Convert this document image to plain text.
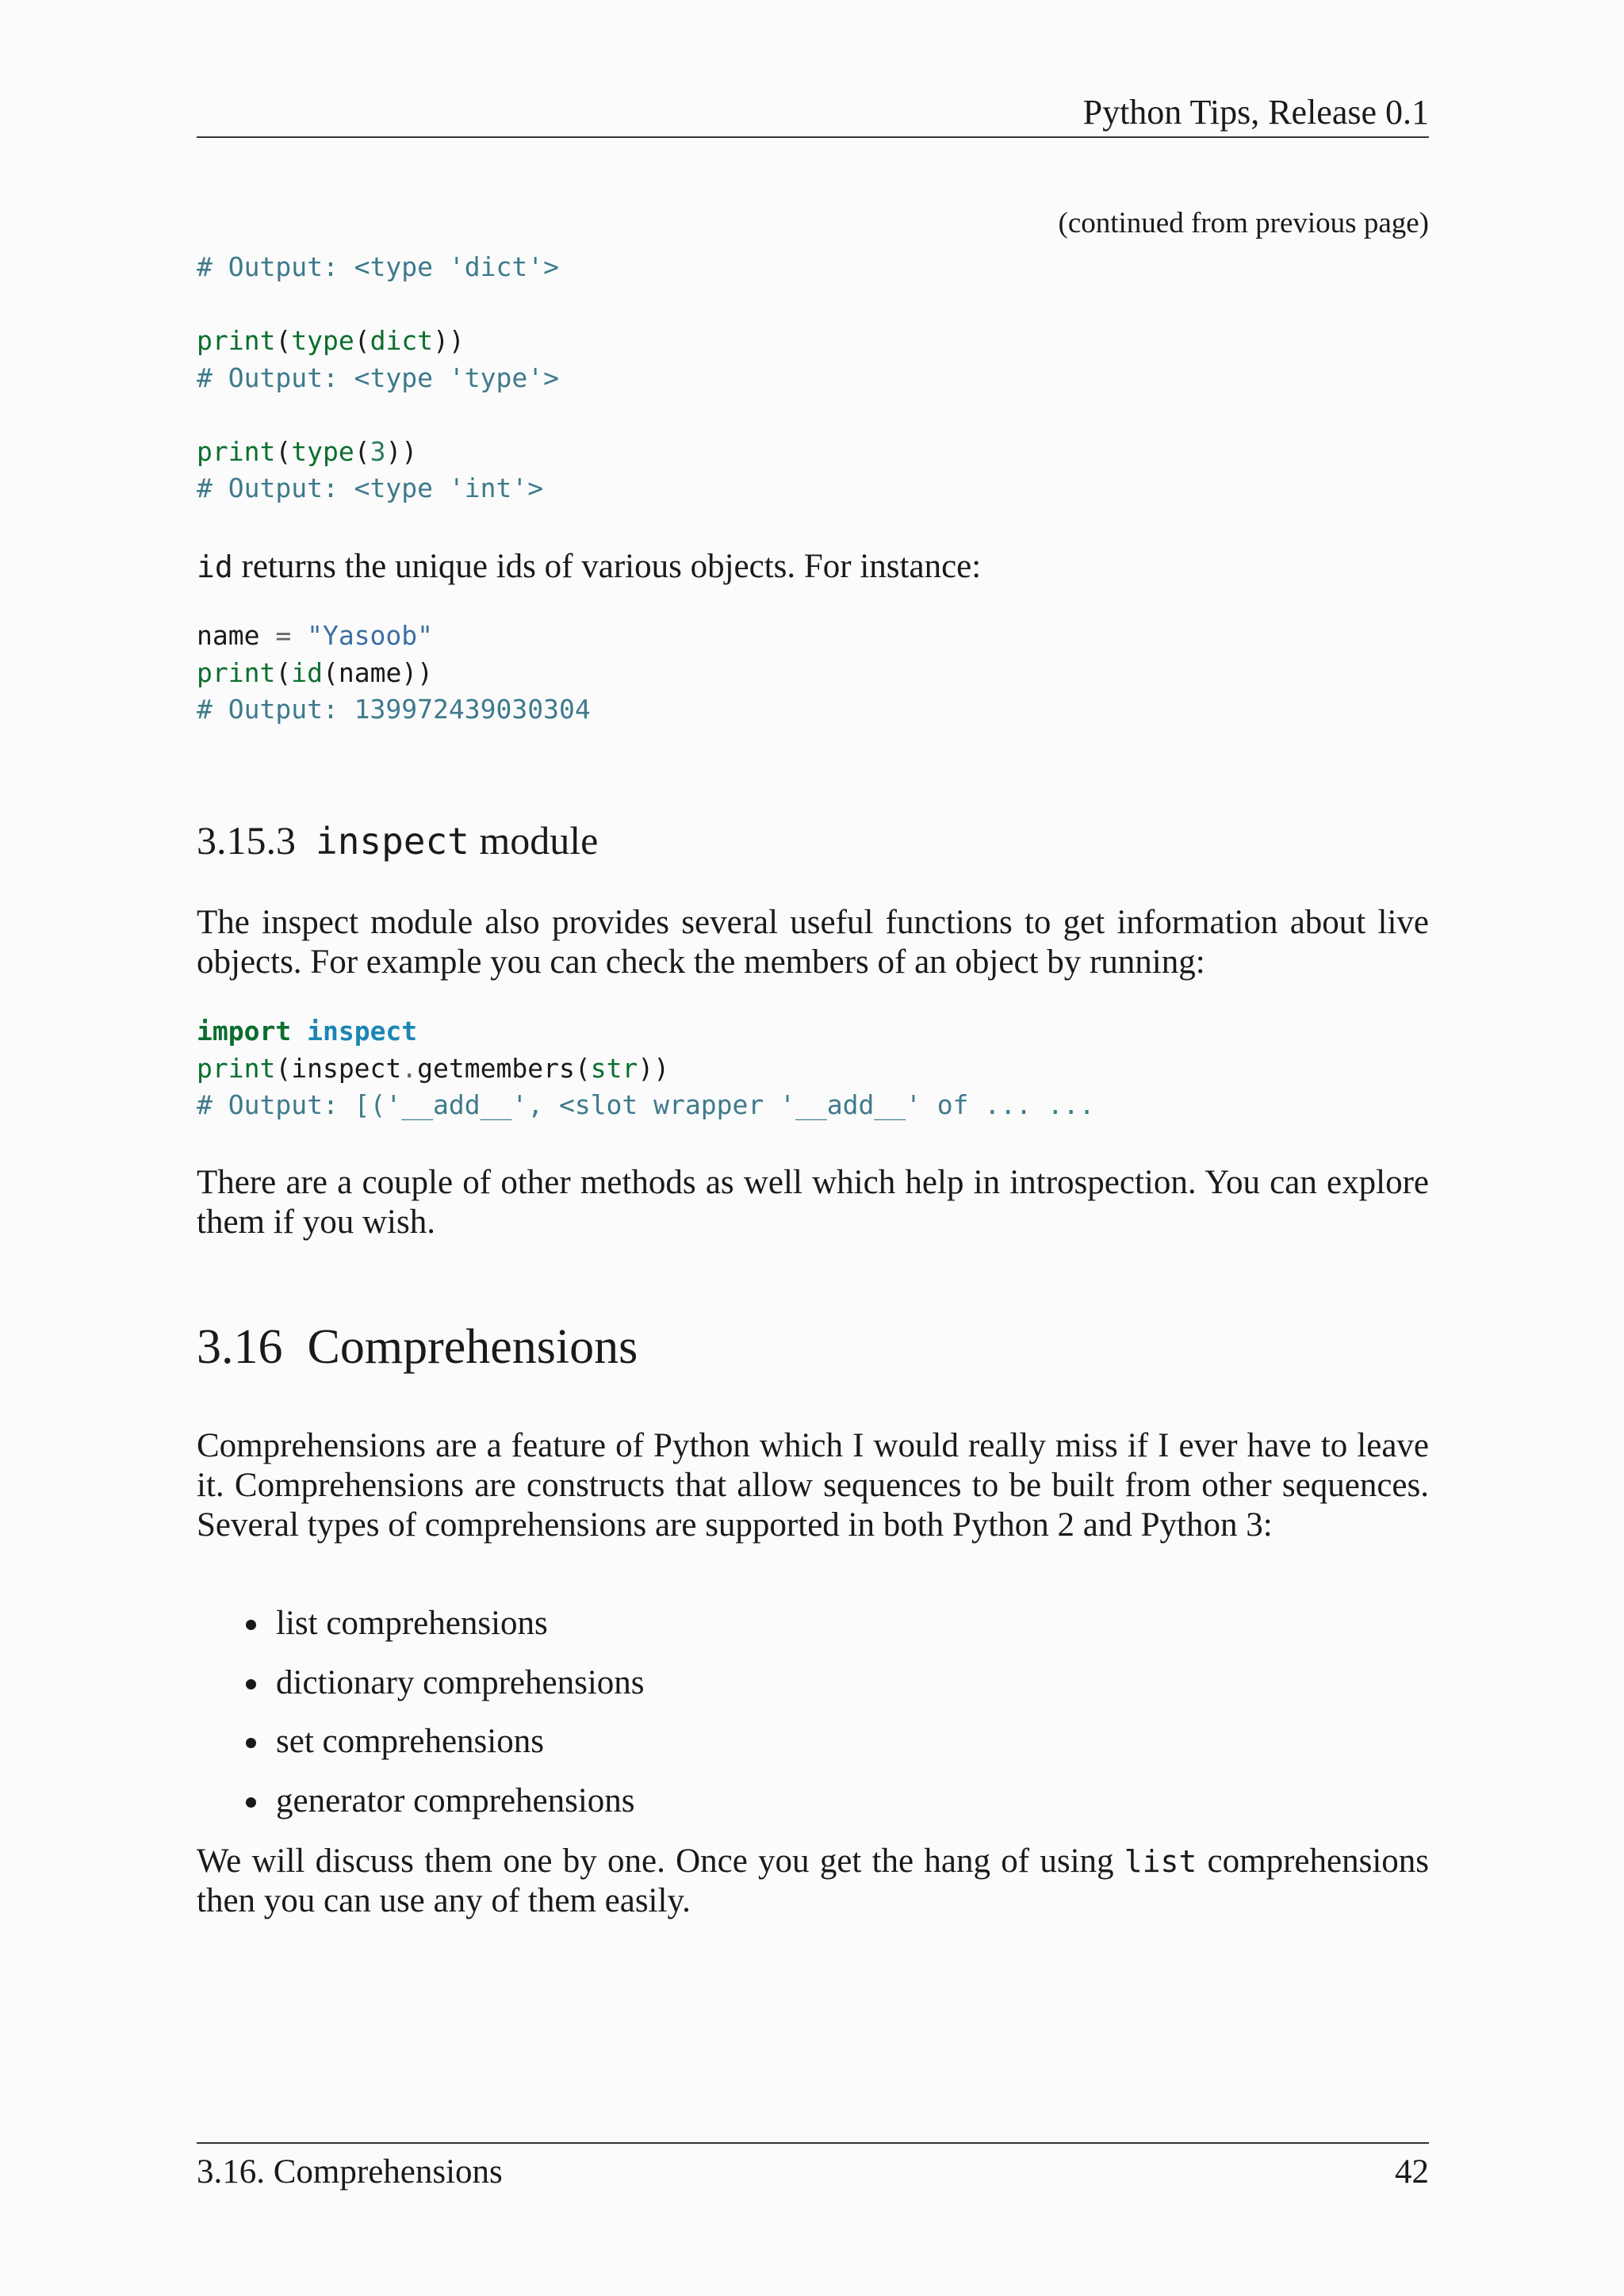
Python Tips, Release 0.1
(continued from previous page)
# Output: <type 'dict'>
print(type(dict))
# Output: <type 'type'>
print(type(3))
# Output: <type 'int'>
id returns the unique ids of various objects. For instance:
name = "Yasoob"
print(id(name))
# Output: 139972439030304
3.15.3 inspect module
The inspect module also provides several useful functions to get information about live objects. For example you can check the members of an object by running:
import inspect
print(inspect.getmembers(str))
# Output: [('__add__', <slot wrapper '__add__' of ... ...
There are a couple of other methods as well which help in introspection. You can explore them if you wish.
3.16 Comprehensions
Comprehensions are a feature of Python which I would really miss if I ever have to leave it. Comprehensions are constructs that allow sequences to be built from other sequences. Several types of comprehensions are supported in both Python 2 and Python 3:
list comprehensions
dictionary comprehensions
set comprehensions
generator comprehensions
We will discuss them one by one. Once you get the hang of using list comprehensions then you can use any of them easily.
3.16. Comprehensions	42
